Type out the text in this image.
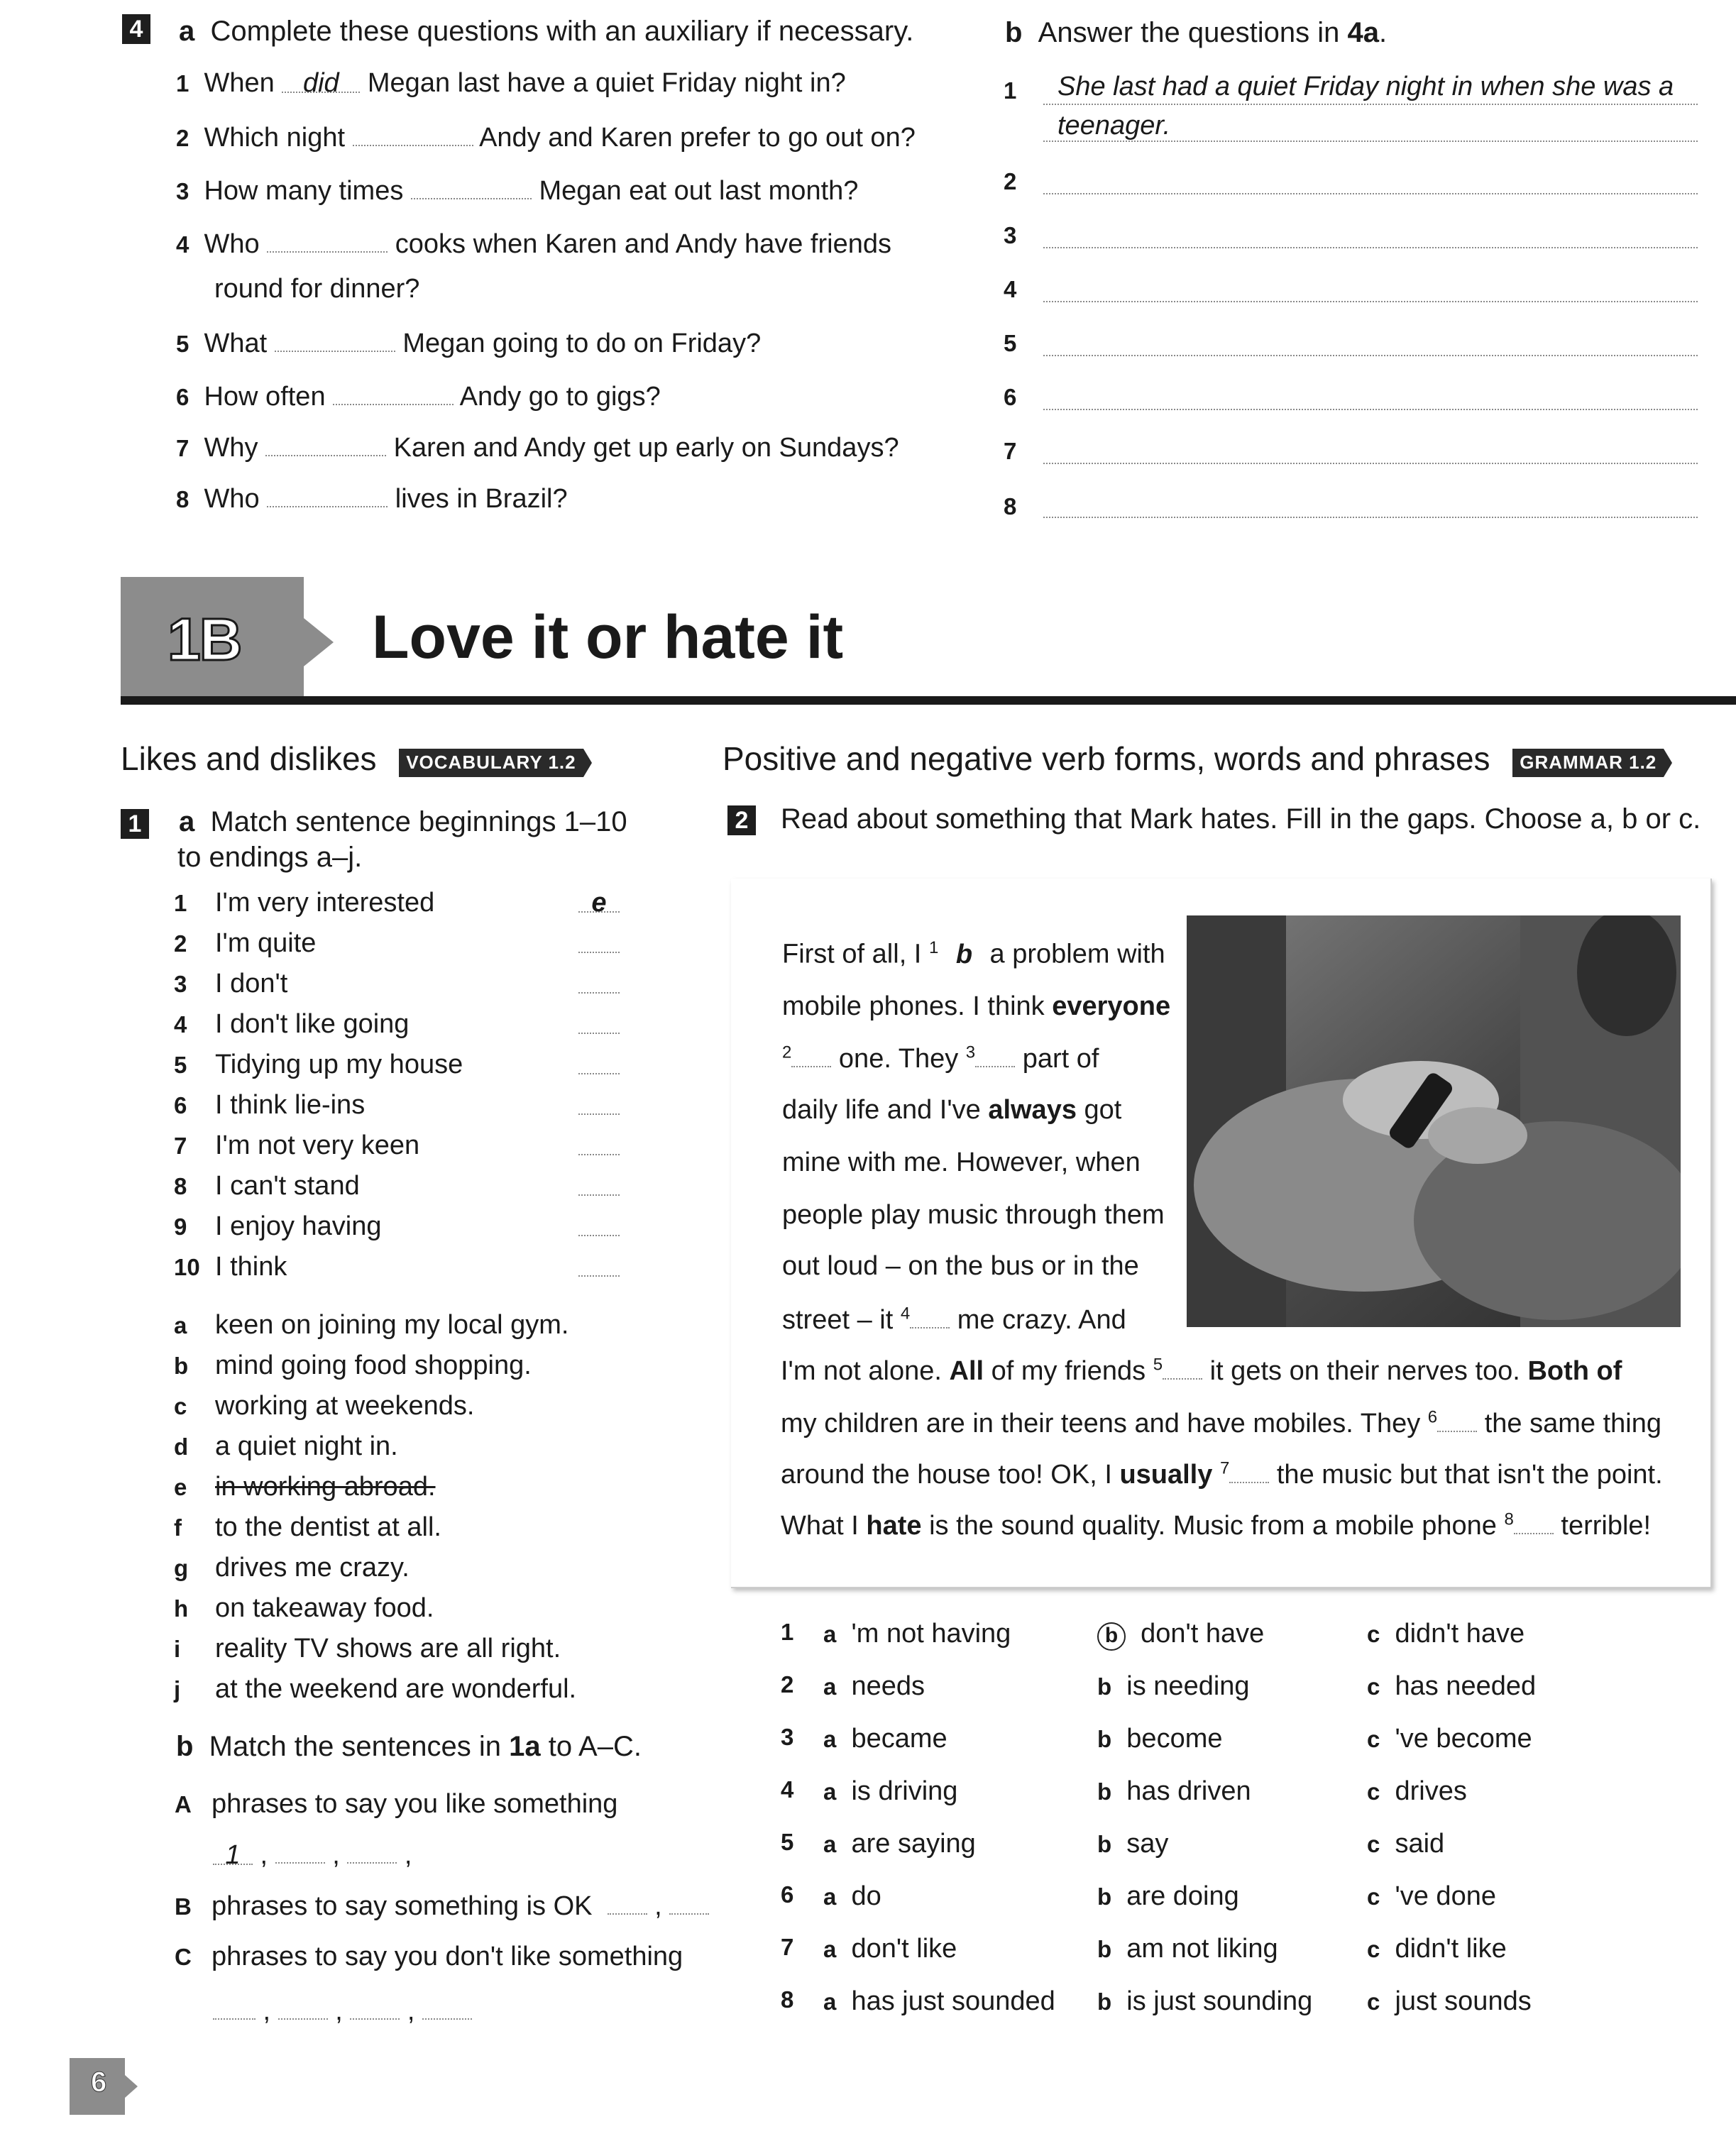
4 a Complete these questions with an auxiliary if necessary.	b Answer the questions in 4a.
1 When did Megan last have a quiet Friday night in?
2 Which night	Andy and Karen prefer to go out on?
3 How many times	Megan eat out last month?
4 Who	cooks when Karen and Andy have friends
round for dinner?
5 What	Megan going to do on Friday?
6 How often	Andy go to gigs?
7 Why	Karen and Andy get up early on Sundays?
8 Who	lives in Brazil?
1 She last had a quiet Friday night in when she was a
teenager.
2
3
4
5
6
7
8
1B Love it or hate it
Likes and dislikes VOCABULARY 1.2
1 a Match sentence beginnings 1–10
to endings a–j.
1 I'm very interested	e
2 I'm quite
3 I don't
4 I don't like going
5 Tidying up my house
6 I think lie-ins
7 I'm not very keen
8 I can't stand
9 I enjoy having
10 I think
a keen on joining my local gym.
b mind going food shopping.
c working at weekends.
d a quiet night in.
e in working abroad.
f to the dentist at all.
g drives me crazy.
h on takeaway food.
i reality TV shows are all right.
j at the weekend are wonderful.
b Match the sentences in 1a to A–C.
A phrases to say you like something
1 ,  ,  ,
B phrases to say something is OK   ,
C phrases to say you don't like something
,  ,  ,
Positive and negative verb forms, words and phrases GRAMMAR 1.2
2 Read about something that Mark hates. Fill in the gaps. Choose a, b or c.
First of all, I $^1$ b a problem with
mobile phones. I think everyone
$^2$ one. They $^3$ part of
daily life and I've always got
mine with me. However, when
people play music through them
out loud – on the bus or in the
street – it $^4$ me crazy. And
I'm not alone. All of my friends $^5$ it gets on their nerves too. Both of
my children are in their teens and have mobiles. They $^6$ the same thing
around the house too! OK, I usually $^7$ the music but that isn't the point.
What I hate is the sound quality. Music from a mobile phone $^8$ terrible!
1 a 'm not having	b don't have	c didn't have
2 a needs	b is needing	c has needed
3 a became	b become	c 've become
4 a is driving	b has driven	c drives
5 a are saying	b say	c said
6 a do	b are doing	c 've done
7 a don't like	b am not liking	c didn't like
8 a has just sounded b is just sounding c just sounds
6
